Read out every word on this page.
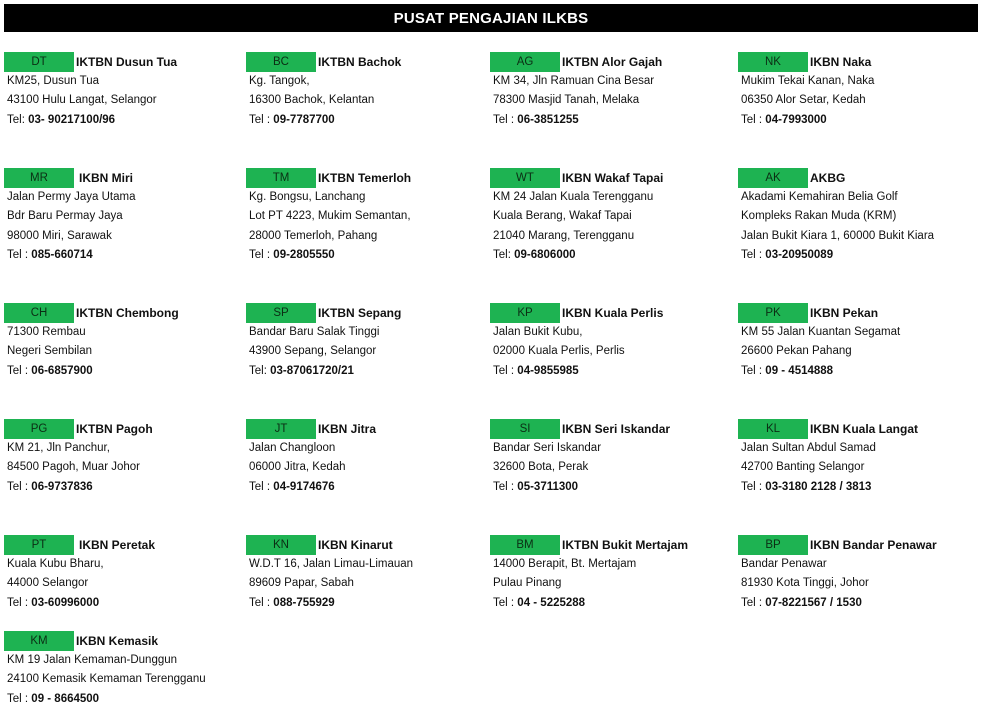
PUSAT PENGAJIAN ILKBS
DT	IKTBN Dusun Tua
KM25, Dusun Tua
43100 Hulu Langat, Selangor
Tel: 03- 90217100/96
BC	IKTBN Bachok
Kg. Tangok,
16300 Bachok, Kelantan
Tel : 09-7787700
AG	IKTBN Alor Gajah
KM 34, Jln Ramuan Cina Besar
78300 Masjid Tanah, Melaka
Tel : 06-3851255
NK	IKBN Naka
Mukim Tekai Kanan, Naka
06350 Alor Setar, Kedah
Tel : 04-7993000
MR	IKBN Miri
Jalan Permy Jaya Utama
Bdr Baru Permay Jaya
98000 Miri, Sarawak
Tel : 085-660714
TM	IKTBN Temerloh
Kg. Bongsu, Lanchang
Lot PT 4223, Mukim Semantan,
28000 Temerloh, Pahang
Tel : 09-2805550
WT	IKBN Wakaf Tapai
KM 24 Jalan Kuala Terengganu
Kuala Berang, Wakaf Tapai
21040 Marang, Terengganu
Tel: 09-6806000
AK	AKBG
Akadami Kemahiran Belia Golf
Kompleks Rakan Muda (KRM)
Jalan Bukit Kiara 1, 60000 Bukit Kiara
Tel : 03-20950089
CH	IKTBN Chembong
71300 Rembau
Negeri Sembilan
Tel : 06-6857900
SP	IKTBN Sepang
Bandar Baru Salak Tinggi
43900 Sepang, Selangor
Tel: 03-87061720/21
KP	IKBN Kuala Perlis
Jalan Bukit Kubu,
02000 Kuala Perlis, Perlis
Tel : 04-9855985
PK	IKBN Pekan
KM 55 Jalan Kuantan Segamat
26600 Pekan Pahang
Tel : 09 - 4514888
PG	IKTBN Pagoh
KM 21, Jln Panchur,
84500 Pagoh, Muar Johor
Tel : 06-9737836
JT	IKBN Jitra
Jalan Changloon
06000 Jitra, Kedah
Tel : 04-9174676
SI	IKBN Seri Iskandar
Bandar Seri Iskandar
32600 Bota, Perak
Tel : 05-3711300
KL	IKBN Kuala Langat
Jalan Sultan Abdul Samad
42700 Banting Selangor
Tel : 03-3180 2128 / 3813
PT	IKBN Peretak
Kuala Kubu Bharu,
44000 Selangor
Tel : 03-60996000
KN	IKBN Kinarut
W.D.T 16, Jalan Limau-Limauan
89609 Papar, Sabah
Tel : 088-755929
BM	IKTBN Bukit Mertajam
14000 Berapit, Bt. Mertajam
Pulau Pinang
Tel : 04 - 5225288
BP	IKBN Bandar Penawar
Bandar Penawar
81930 Kota Tinggi, Johor
Tel : 07-8221567 / 1530
KM	IKBN Kemasik
KM 19 Jalan Kemaman-Dunggun
24100 Kemasik Kemaman Terengganu
Tel : 09 - 8664500
